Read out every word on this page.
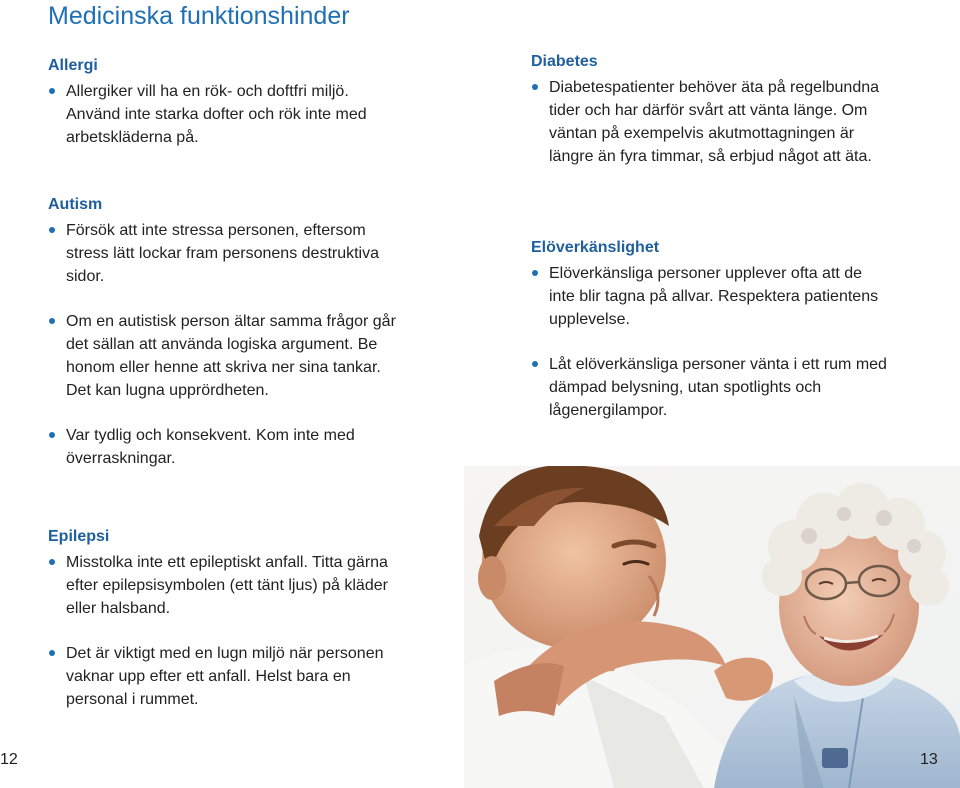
Medicinska funktionshinder
Allergi
Allergiker vill ha en rök- och doftfri miljö. Använd inte starka dofter och rök inte med arbetskläderna på.
Autism
Försök att inte stressa personen, eftersom stress lätt lockar fram personens destruktiva sidor.
Om en autistisk person ältar samma frågor går det sällan att använda logiska argument. Be honom eller henne att skriva ner sina tankar. Det kan lugna upprördheten.
Var tydlig och konsekvent. Kom inte med överraskningar.
Epilepsi
Misstolka inte ett epileptiskt anfall. Titta gärna efter epilepsisymbolen (ett tänt ljus) på kläder eller halsband.
Det är viktigt med en lugn miljö när personen vaknar upp efter ett anfall. Helst bara en personal i rummet.
Diabetes
Diabetespatienter behöver äta på regelbundna tider och har därför svårt att vänta länge. Om väntan på exempelvis akutmottagningen är längre än fyra timmar, så erbjud något att äta.
Elöverkänslighet
Elöverkänsliga personer upplever ofta att de inte blir tagna på allvar. Respektera patientens upplevelse.
Låt elöverkänsliga personer vänta i ett rum med dämpad belysning, utan spotlights och lågenergilampor.
12	13
